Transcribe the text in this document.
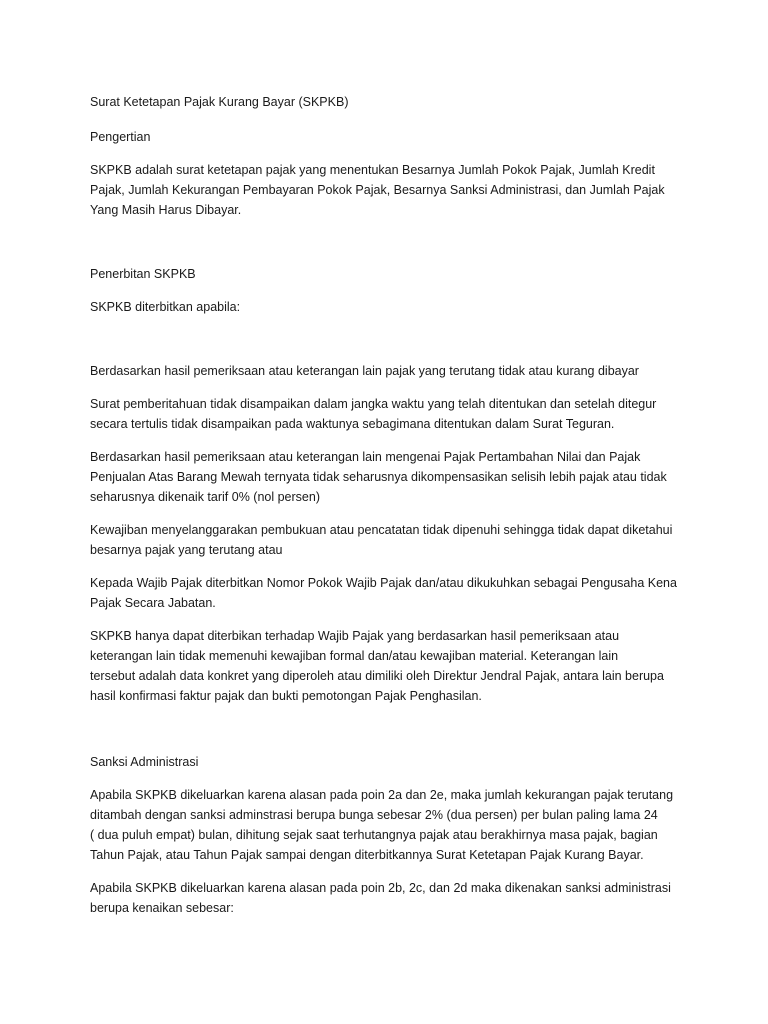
Surat Ketetapan Pajak Kurang Bayar (SKPKB)

Pengertian

SKPKB adalah surat ketetapan pajak yang menentukan Besarnya Jumlah Pokok Pajak, Jumlah Kredit
Pajak, Jumlah Kekurangan Pembayaran Pokok Pajak, Besarnya Sanksi Administrasi, dan Jumlah Pajak
Yang Masih Harus Dibayar.

Penerbitan SKPKB

SKPKB diterbitkan apabila:

Berdasarkan hasil pemeriksaan atau keterangan lain pajak yang terutang tidak atau kurang dibayar

Surat pemberitahuan tidak disampaikan dalam jangka waktu yang telah ditentukan dan setelah ditegur
secara tertulis tidak disampaikan pada waktunya sebagimana ditentukan dalam Surat Teguran.

Berdasarkan hasil pemeriksaan atau keterangan lain mengenai Pajak Pertambahan Nilai dan Pajak
Penjualan Atas Barang Mewah ternyata tidak seharusnya dikompensasikan selisih lebih pajak atau tidak
seharusnya dikenaik tarif 0% (nol persen)

Kewajiban menyelanggarakan pembukuan atau pencatatan tidak dipenuhi sehingga tidak dapat diketahui
besarnya pajak yang terutang atau

Kepada Wajib Pajak diterbitkan Nomor Pokok Wajib Pajak dan/atau dikukuhkan sebagai Pengusaha Kena
Pajak Secara Jabatan.

SKPKB hanya dapat diterbikan terhadap Wajib Pajak yang berdasarkan hasil pemeriksaan atau
keterangan lain tidak memenuhi kewajiban formal dan/atau kewajiban material. Keterangan lain
tersebut adalah data konkret yang diperoleh atau dimiliki oleh Direktur Jendral Pajak, antara lain berupa
hasil konfirmasi faktur pajak dan bukti pemotongan Pajak Penghasilan.

Sanksi Administrasi

Apabila SKPKB dikeluarkan karena alasan pada poin 2a dan 2e, maka jumlah kekurangan pajak terutang
ditambah dengan sanksi adminstrasi berupa bunga sebesar 2% (dua persen) per bulan paling lama 24
( dua puluh empat) bulan, dihitung sejak saat terhutangnya pajak atau berakhirnya masa pajak, bagian
Tahun Pajak, atau Tahun Pajak sampai dengan diterbitkannya Surat Ketetapan Pajak Kurang Bayar.

Apabila SKPKB dikeluarkan karena alasan pada poin 2b, 2c, dan 2d maka dikenakan sanksi administrasi
berupa kenaikan sebesar:
